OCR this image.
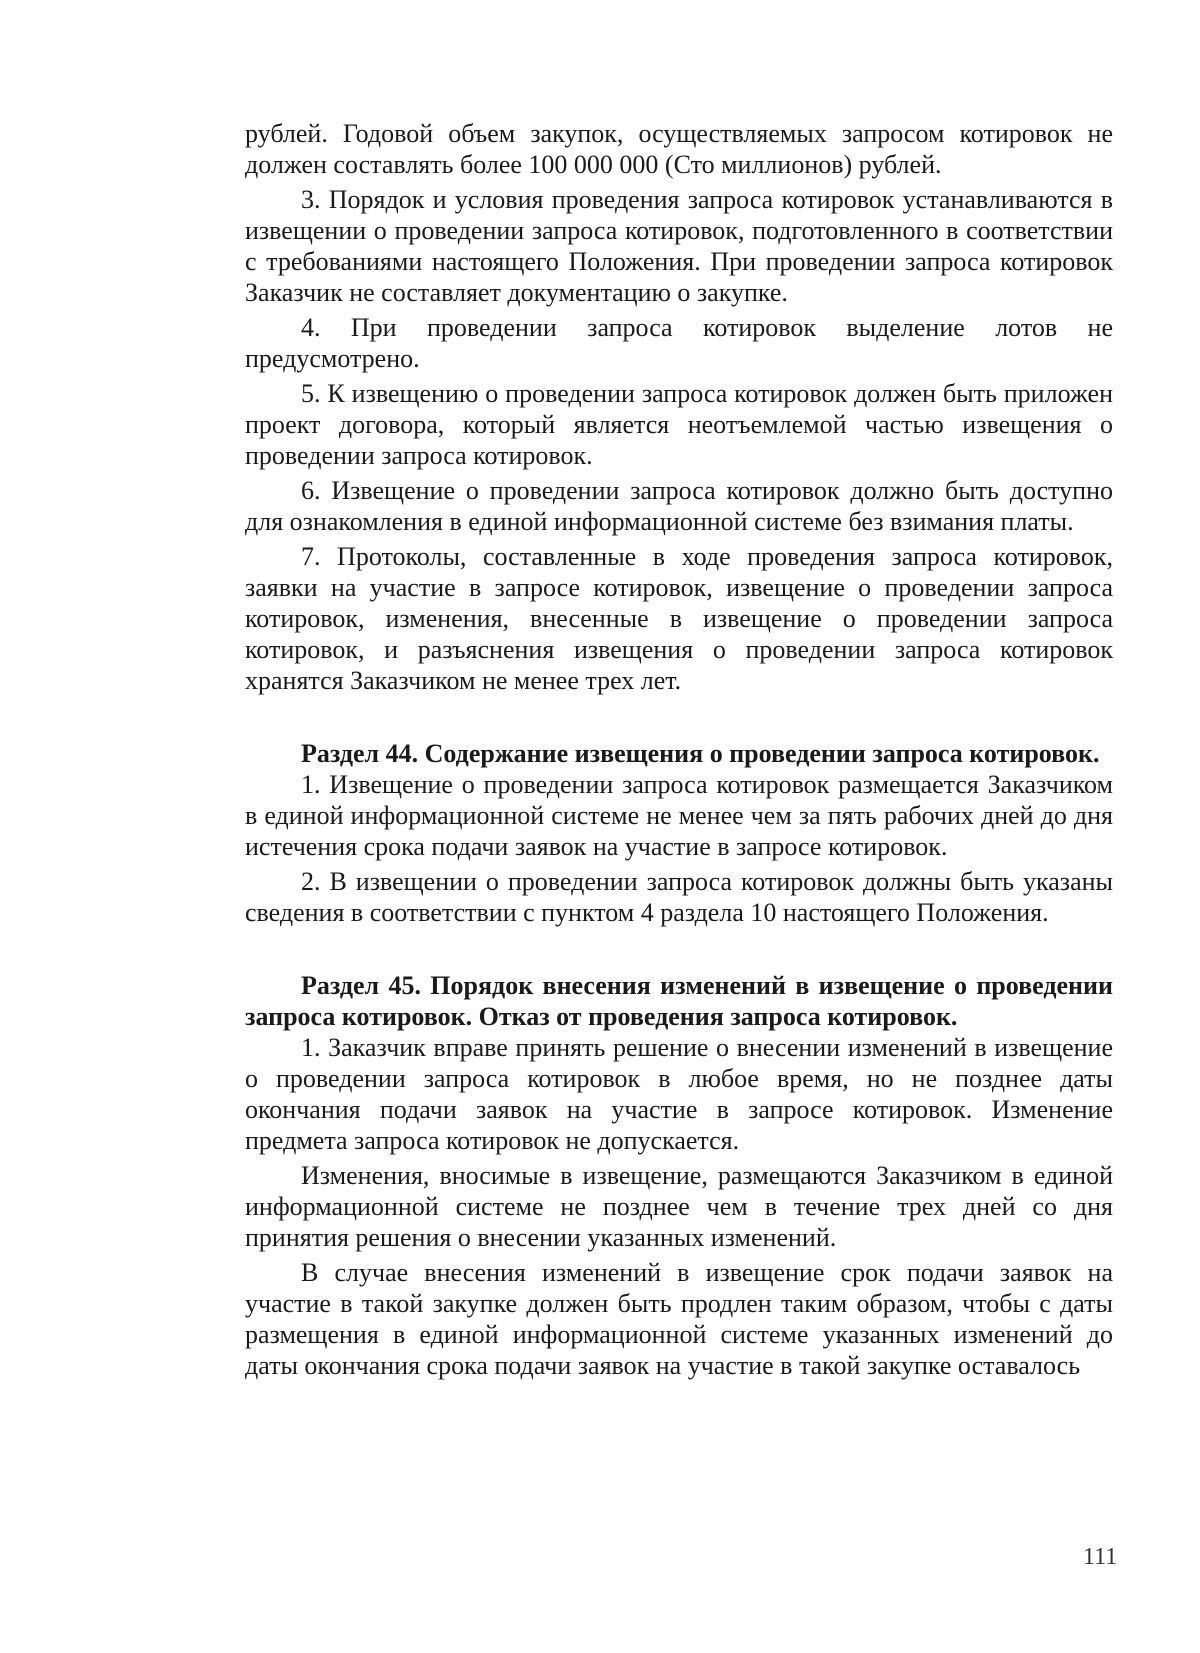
рублей. Годовой объем закупок, осуществляемых запросом котировок не должен составлять более 100 000 000 (Сто миллионов) рублей.

3. Порядок и условия проведения запроса котировок устанавливаются в извещении о проведении запроса котировок, подготовленного в соответствии с требованиями настоящего Положения. При проведении запроса котировок Заказчик не составляет документацию о закупке.

4. При проведении запроса котировок выделение лотов не предусмотрено.

5. К извещению о проведении запроса котировок должен быть приложен проект договора, который является неотъемлемой частью извещения о проведении запроса котировок.

6. Извещение о проведении запроса котировок должно быть доступно для ознакомления в единой информационной системе без взимания платы.

7. Протоколы, составленные в ходе проведения запроса котировок, заявки на участие в запросе котировок, извещение о проведении запроса котировок, изменения, внесенные в извещение о проведении запроса котировок, и разъяснения извещения о проведении запроса котировок хранятся Заказчиком не менее трех лет.

Раздел 44. Содержание извещения о проведении запроса котировок.

1. Извещение о проведении запроса котировок размещается Заказчиком в единой информационной системе не менее чем за пять рабочих дней до дня истечения срока подачи заявок на участие в запросе котировок.

2. В извещении о проведении запроса котировок должны быть указаны сведения в соответствии с пунктом 4 раздела 10 настоящего Положения.

Раздел 45. Порядок внесения изменений в извещение о проведении запроса котировок. Отказ от проведения запроса котировок.

1. Заказчик вправе принять решение о внесении изменений в извещение о проведении запроса котировок в любое время, но не позднее даты окончания подачи заявок на участие в запросе котировок. Изменение предмета запроса котировок не допускается.

Изменения, вносимые в извещение, размещаются Заказчиком в единой информационной системе не позднее чем в течение трех дней со дня принятия решения о внесении указанных изменений.

В случае внесения изменений в извещение срок подачи заявок на участие в такой закупке должен быть продлен таким образом, чтобы с даты размещения в единой информационной системе указанных изменений до даты окончания срока подачи заявок на участие в такой закупке оставалось

111
